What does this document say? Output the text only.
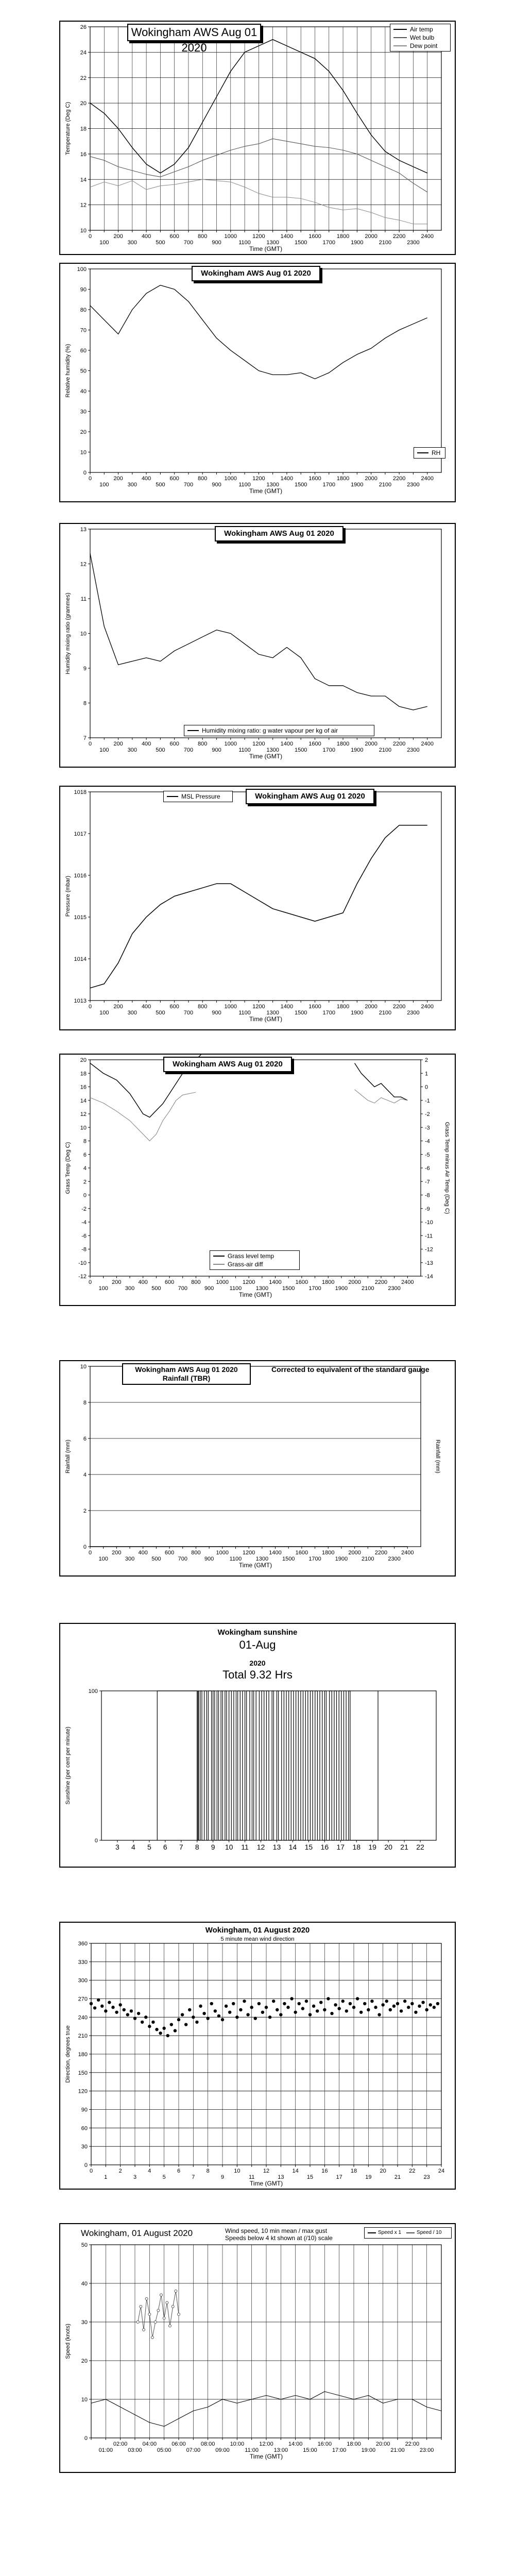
0
100
200
300
400
500
600
700
800
900
1000
1100
1200
1300
1400
1500
1600
1700
1800
1900
2000
2100
2200
2300
2400
Time (GMT)
10
12
14
16
18
20
22
24
26
Temperature (Deg C)
Wokingham AWS Aug 01 2020
Air temp
Wet bulb
Dew point
0
100
200
300
400
500
600
700
800
900
1000
1100
1200
1300
1400
1500
1600
1700
1800
1900
2000
2100
2200
2300
2400
Time (GMT)
0
10
20
30
40
50
60
70
80
90
100
Relative humidity (%)
Wokingham AWS Aug 01 2020
RH
0
100
200
300
400
500
600
700
800
900
1000
1100
1200
1300
1400
1500
1600
1700
1800
1900
2000
2100
2200
2300
2400
Time (GMT)
7
8
9
10
11
12
13
Humidity mixing ratio (grammes)
Wokingham AWS Aug 01 2020
Humidity mixing ratio: g water vapour per kg of air
0
100
200
300
400
500
600
700
800
900
1000
1100
1200
1300
1400
1500
1600
1700
1800
1900
2000
2100
2200
2300
2400
Time (GMT)
1013
1014
1015
1016
1017
1018
Pressure (mbar)
Wokingham AWS Aug 01 2020
MSL Pressure
0
100
200
300
400
500
600
700
800
900
1000
1100
1200
1300
1400
1500
1600
1700
1800
1900
2000
2100
2200
2300
2400
Time (GMT)
-12
-10
-8
-6
-4
-2
0
2
4
6
8
10
12
14
16
18
20
Grass Temp (Deg C)
-14
-13
-12
-11
-10
-9
-8
-7
-6
-5
-4
-3
-2
-1
0
1
2
Grass Temp minus Air Temp (Deg C)
Wokingham AWS Aug 01 2020
Grass level temp
Grass-air diff
0
100
200
300
400
500
600
700
800
900
1000
1100
1200
1300
1400
1500
1600
1700
1800
1900
2000
2100
2200
2300
2400
Time (GMT)
0
2
4
6
8
10
Rainfall (mm)	Rainfall (mm)
Wokingham AWS Aug 01 2020
Rainfall (TBR)
Corrected to equivalent of the standard gauge
3 4 5 6 7 8 9 10 11 12 13 14 15 16 17 18 19 20 21 22
0
100
Sunshine (per cent per minute)
Wokingham sunshine
01-Aug
2020
Total 9.32 Hrs
0
1
2
3
4
5
6
7
8
9
10
11
12
13
14
15
16
17
18
19
20
21
22
23
24
Time (GMT)
0
30
60
90
120
150
180
210
240
270
300
330
360
Direction, degrees true
Wokingham, 01 August 2020
5 minute mean wind direction
01:00
02:00
03:00
04:00
05:00
06:00
07:00
08:00
09:00
10:00
11:00
12:00
13:00
14:00
15:00
16:00
17:00
18:00
19:00
20:00
21:00
22:00
23:00
Time (GMT)
0
10
20
30
40
50
Speed (knots)
Wokingham, 01 August 2020	Wind speed, 10 min mean / max gust
Speeds below 4 kt shown at (/10) scale
Speed x 1	Speed / 10
